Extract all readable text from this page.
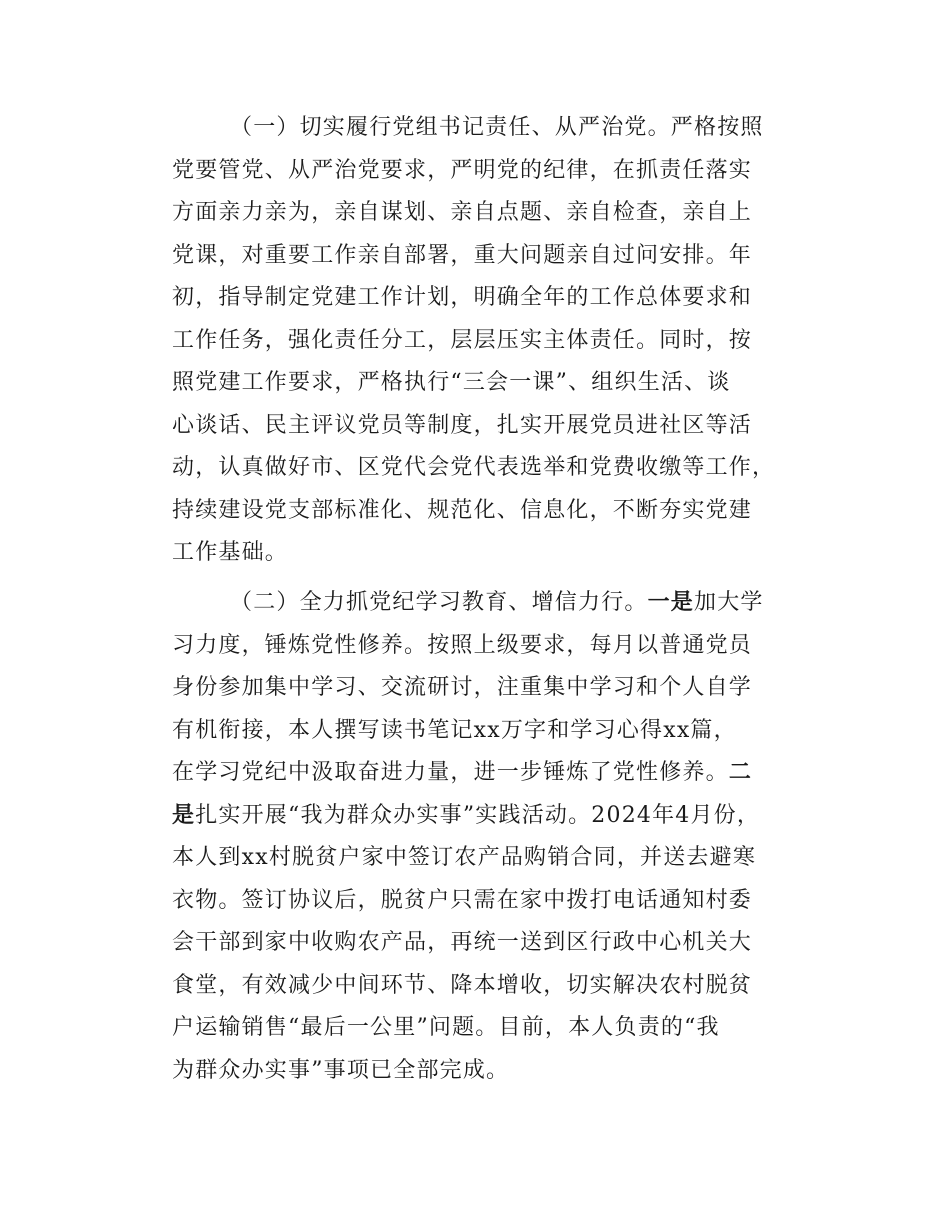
（一）切实履行党组书记责任、从严治党。严格按照
党要管党、从严治党要求，严明党的纪律，在抓责任落实
方面亲力亲为，亲自谋划、亲自点题、亲自检查，亲自上
党课，对重要工作亲自部署，重大问题亲自过问安排。年
初，指导制定党建工作计划，明确全年的工作总体要求和
工作任务，强化责任分工，层层压实主体责任。同时，按
照党建工作要求，严格执行“三会一课”、组织生活、谈
心谈话、民主评议党员等制度，扎实开展党员进社区等活
动，认真做好市、区党代会党代表选举和党费收缴等工作，
持续建设党支部标准化、规范化、信息化，不断夯实党建
工作基础。
（二）全力抓党纪学习教育、增信力行。一是加大学
习力度，锤炼党性修养。按照上级要求，每月以普通党员
身份参加集中学习、交流研讨，注重集中学习和个人自学
有机衔接，本人撰写读书笔记xx万字和学习心得xx篇，
在学习党纪中汲取奋进力量，进一步锤炼了党性修养。二
是扎实开展“我为群众办实事”实践活动。2024年4月份，
本人到xx村脱贫户家中签订农产品购销合同，并送去避寒
衣物。签订协议后，脱贫户只需在家中拨打电话通知村委
会干部到家中收购农产品，再统一送到区行政中心机关大
食堂，有效减少中间环节、降本增收，切实解决农村脱贫
户运输销售“最后一公里”问题。目前，本人负责的“我
为群众办实事”事项已全部完成。
